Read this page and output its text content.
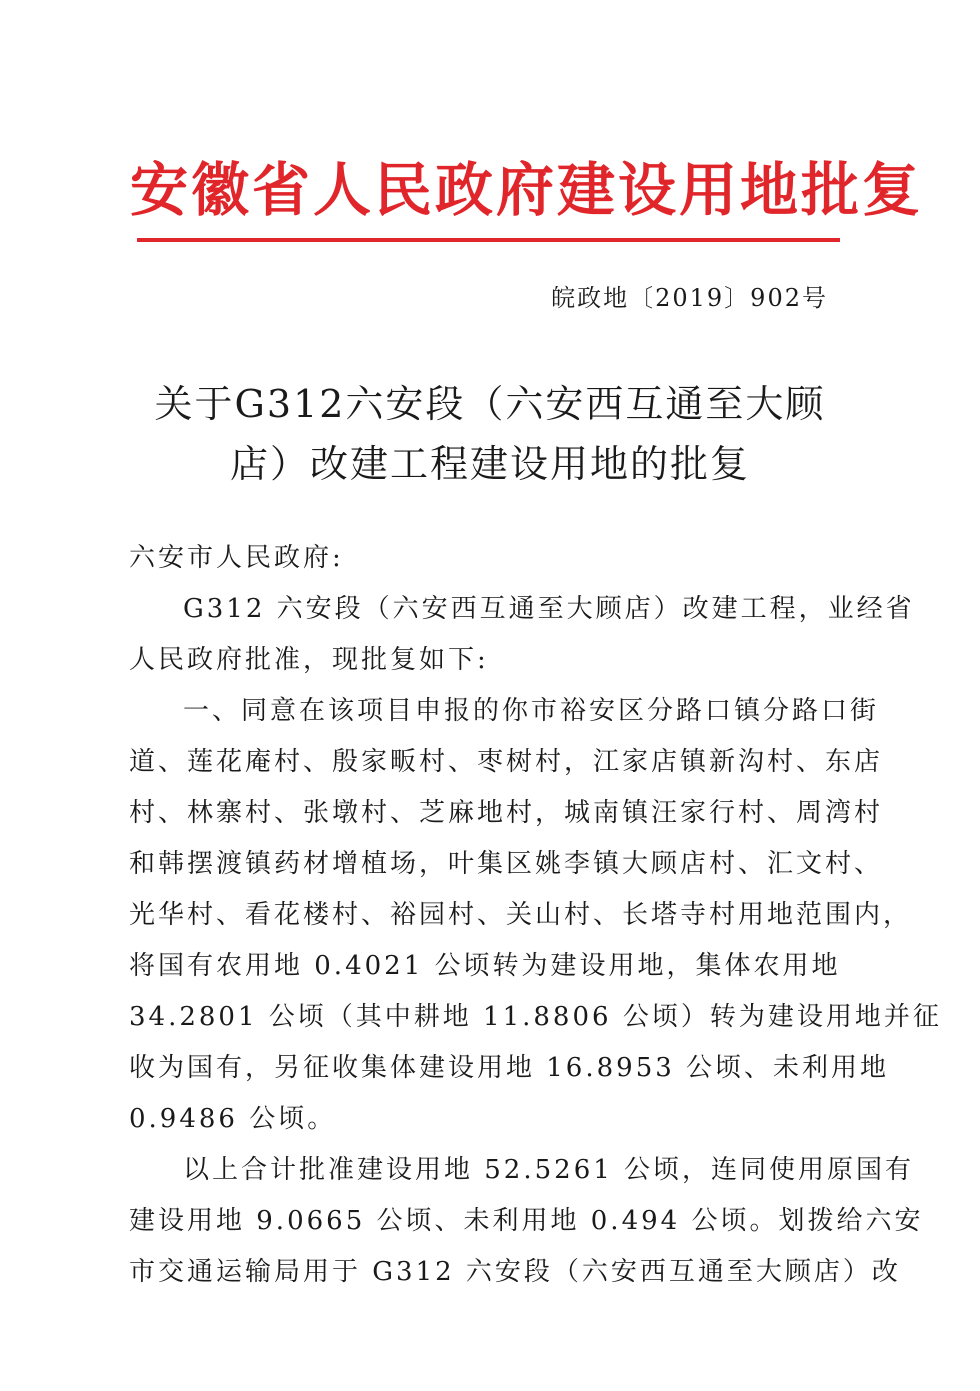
安徽省人民政府建设用地批复
皖政地〔2019〕902号
关于G312六安段（六安西互通至大顾
店）改建工程建设用地的批复
六安市人民政府:
G312 六安段（六安西互通至大顾店）改建工程，业经省
人民政府批准，现批复如下:
一、同意在该项目申报的你市裕安区分路口镇分路口街
道、莲花庵村、殷家畈村、枣树村，江家店镇新沟村、东店
村、林寨村、张墩村、芝麻地村，城南镇汪家行村、周湾村
和韩摆渡镇药材增植场，叶集区姚李镇大顾店村、汇文村、
光华村、看花楼村、裕园村、关山村、长塔寺村用地范围内，
将国有农用地 0.4021 公顷转为建设用地，集体农用地
34.2801 公顷（其中耕地 11.8806 公顷）转为建设用地并征
收为国有，另征收集体建设用地 16.8953 公顷、未利用地
0.9486 公顷。
以上合计批准建设用地 52.5261 公顷，连同使用原国有
建设用地 9.0665 公顷、未利用地 0.494 公顷。划拨给六安
市交通运输局用于 G312 六安段（六安西互通至大顾店）改
